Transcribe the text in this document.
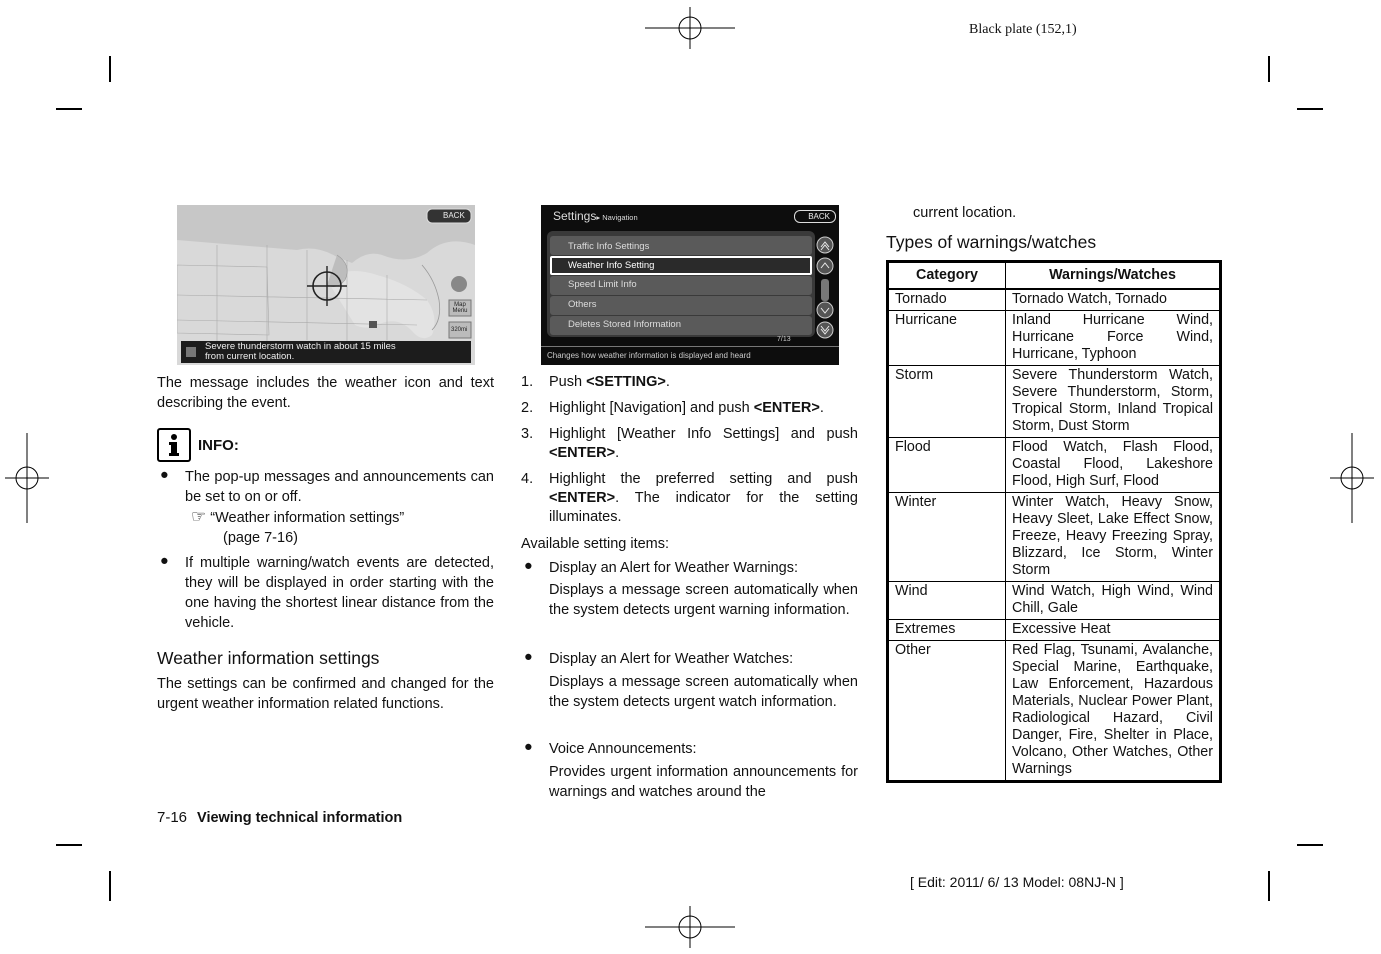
Black plate (152,1)
BACK
Map Menu
320mi
Severe thunderstorm watch in about 15 miles
from current location.

The message includes the weather icon and text describing the event.

INFO:
●	The pop-up messages and announcements can be set to on or off.
☞ “Weather information settings”
(page 7-16)
●	If multiple warning/watch events are detected, they will be displayed in order starting with the one having the shortest linear distance from the vehicle.
Weather information settings

The settings can be confirmed and changed for the urgent weather information related functions.

7-16 Viewing technical information
Settings▸ Navigation	BACK
Traffic Info Settings
Weather Info Setting
Speed Limit Info
Others
Deletes Stored Information
7/13
Changes how weather information is displayed and heard
1.	Push <SETTING>.
2.	Highlight [Navigation] and push <ENTER>.
3.	Highlight [Weather Info Settings] and push <ENTER>.
4.	Highlight the preferred setting and push <ENTER>. The indicator for the setting illuminates.

Available setting items:

●	Display an Alert for Weather Warnings:
Displays a message screen automatically when the system detects urgent warning information.
●	Display an Alert for Weather Watches:
Displays a message screen automatically when the system detects urgent watch information.
●	Voice Announcements:
Provides urgent information announcements for warnings and watches around the

current location.

Types of warnings/watches
Category	Warnings/Watches
Tornado	Tornado Watch, Tornado
Hurricane	Inland Hurricane Wind, Hurricane Force Wind, Hurricane, Typhoon
Storm	Severe Thunderstorm Watch, Severe Thunderstorm, Storm, Tropical Storm, Inland Tropical Storm, Dust Storm
Flood	Flood Watch, Flash Flood, Coastal Flood, Lakeshore Flood, High Surf, Flood
Winter	Winter Watch, Heavy Snow, Heavy Sleet, Lake Effect Snow, Freeze, Heavy Freezing Spray, Blizzard, Ice Storm, Winter Storm
Wind	Wind Watch, High Wind, Wind Chill, Gale
Extremes	Excessive Heat
Other	Red Flag, Tsunami, Avalanche, Special Marine, Earthquake, Law Enforcement, Hazardous Materials, Nuclear Power Plant, Radiological Hazard, Civil Danger, Fire, Shelter in Place, Volcano, Other Watches, Other Warnings
[ Edit: 2011/ 6/ 13 Model: 08NJ-N ]
